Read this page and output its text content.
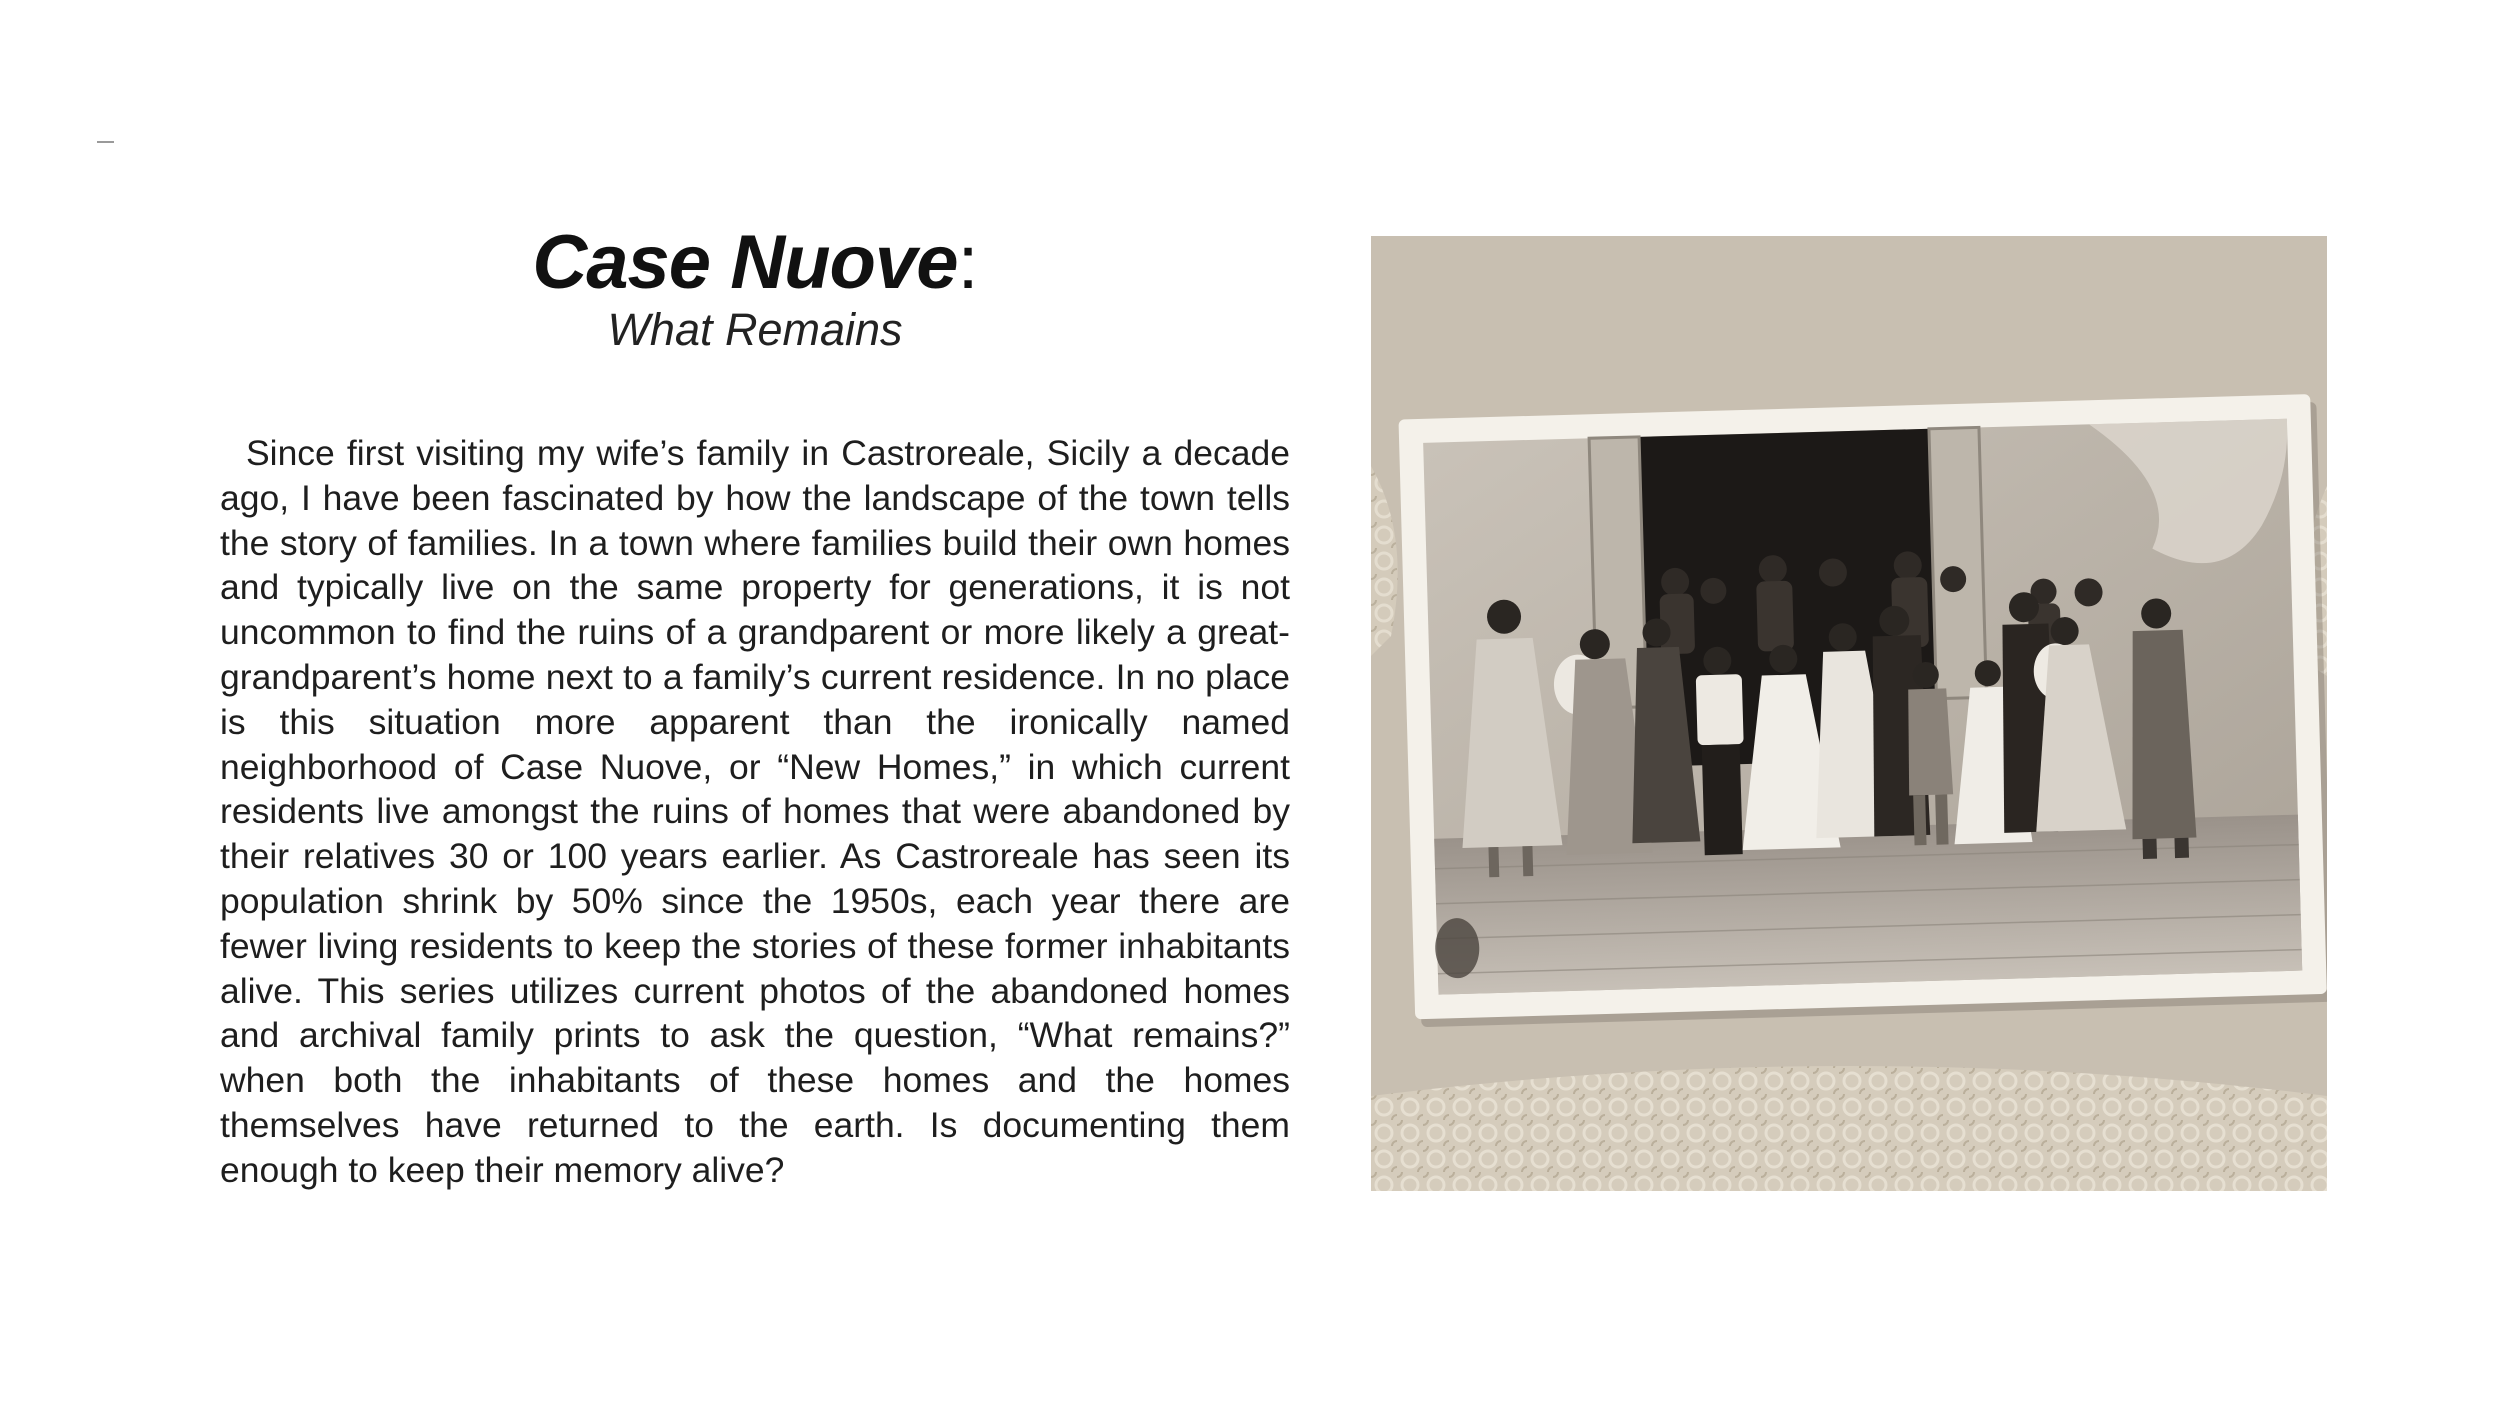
Case Nuove:

What Remains

Since first visiting my wife’s family in Castroreale, Sicily a decade ago, I have been fascinated by how the landscape of the town tells the story of families. In a town where families build their own homes and typically live on the same property for generations, it is not uncommon to find the ruins of a grandparent or more likely a great-grandparent’s home next to a family’s current residence. In no place is this situation more apparent than the ironically named neighborhood of Case Nuove, or “New Homes,” in which current residents live amongst the ruins of homes that were abandoned by their relatives 30 or 100 years earlier. As Castroreale has seen its population shrink by 50% since the 1950s, each year there are fewer living residents to keep the stories of these former inhabitants alive. This series utilizes current photos of the abandoned homes and archival family prints to ask the question, “What remains?” when both the inhabitants of these homes and the homes themselves have returned to the earth. Is documenting them enough to keep their memory alive?
